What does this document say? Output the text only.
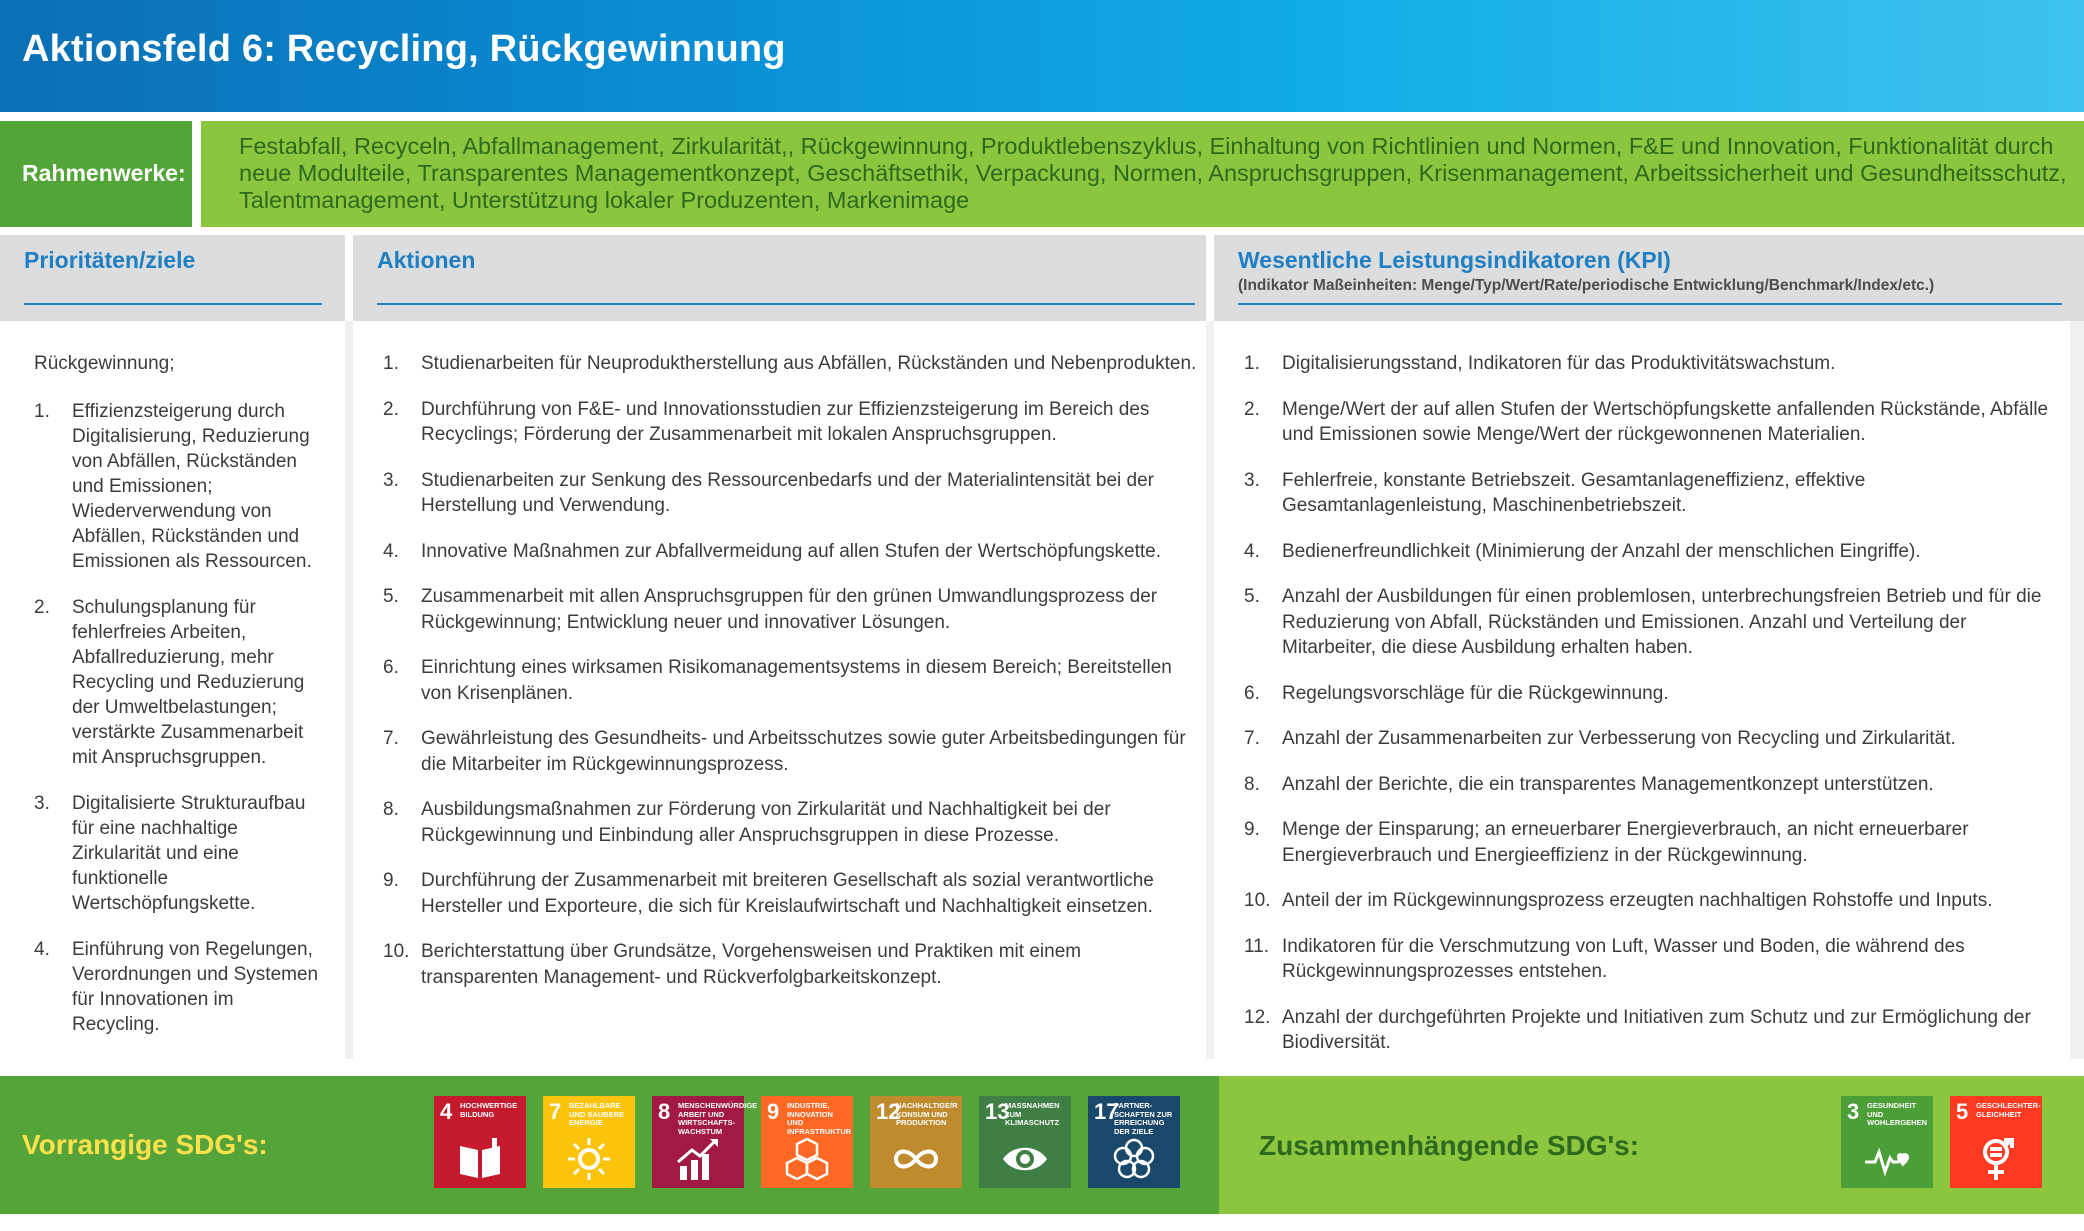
Aktionsfeld 6: Recycling, Rückgewinnung
Rahmenwerke:

Festabfall, Recyceln, Abfallmanagement, Zirkularität,, Rückgewinnung, Produktlebenszyklus, Einhaltung von Richtlinien und Normen, F&E und Innovation, Funktionalität durch neue Modulteile, Transparentes Managementkonzept, Geschäftsethik, Verpackung, Normen, Anspruchsgruppen, Krisenmanagement, Arbeitssicherheit und Gesundheitsschutz, Talentmanagement, Unterstützung lokaler Produzenten, Markenimage

Prioritäten/ziele

Rückgewinnung;

1.	Effizienzsteigerung durch Digitalisierung, Reduzierung von Abfällen, Rückständen und Emissionen; Wiederverwendung von Abfällen, Rückständen und Emissionen als Ressourcen.
2.	Schulungsplanung für fehlerfreies Arbeiten, Abfallreduzierung, mehr Recycling und Reduzierung der Umweltbelastungen; verstärkte Zusammenarbeit mit Anspruchsgruppen.
3.	Digitalisierte Strukturaufbau für eine nachhaltige Zirkularität und eine funktionelle Wertschöpfungskette.
4.	Einführung von Regelungen, Verordnungen und Systemen für Innovationen im Recycling.
Aktionen
1.	Studienarbeiten für Neuproduktherstellung aus Abfällen, Rückständen und Nebenprodukten.
2.	Durchführung von F&E- und Innovationsstudien zur Effizienzsteigerung im Bereich des Recyclings; Förderung der Zusammenarbeit mit lokalen Anspruchsgruppen.
3.	Studienarbeiten zur Senkung des Ressourcenbedarfs und der Materialintensität bei der Herstellung und Verwendung.
4.	Innovative Maßnahmen zur Abfallvermeidung auf allen Stufen der Wertschöpfungskette.
5.	Zusammenarbeit mit allen Anspruchsgruppen für den grünen Umwandlungsprozess der Rückgewinnung; Entwicklung neuer und innovativer Lösungen.
6.	Einrichtung eines wirksamen Risikomanagementsystems in diesem Bereich; Bereitstellen von Krisenplänen.
7.	Gewährleistung des Gesundheits- und Arbeitsschutzes sowie guter Arbeitsbedingungen für die Mitarbeiter im Rückgewinnungsprozess.
8.	Ausbildungsmaßnahmen zur Förderung von Zirkularität und Nachhaltigkeit bei der Rückgewinnung und Einbindung aller Anspruchsgruppen in diese Prozesse.
9.	Durchführung der Zusammenarbeit mit breiteren Gesellschaft als sozial verantwortliche Hersteller und Exporteure, die sich für Kreislaufwirtschaft und Nachhaltigkeit einsetzen.
10. Berichterstattung über Grundsätze, Vorgehensweisen und Praktiken mit einem transparenten Management- und Rückverfolgbarkeitskonzept.
Wesentliche Leistungsindikatoren (KPI)
(Indikator Maßeinheiten: Menge/Typ/Wert/Rate/periodische Entwicklung/Benchmark/Index/etc.)
1.	Digitalisierungsstand, Indikatoren für das Produktivitätswachstum.
2.	Menge/Wert der auf allen Stufen der Wertschöpfungskette anfallenden Rückstände, Abfälle und Emissionen sowie Menge/Wert der rückgewonnenen Materialien.
3.	Fehlerfreie, konstante Betriebszeit. Gesamtanlageneffizienz, effektive Gesamtanlagenleistung, Maschinenbetriebszeit.
4.	Bedienerfreundlichkeit (Minimierung der Anzahl der menschlichen Eingriffe).
5.	Anzahl der Ausbildungen für einen problemlosen, unterbrechungsfreien Betrieb und für die Reduzierung von Abfall, Rückständen und Emissionen. Anzahl und Verteilung der Mitarbeiter, die diese Ausbildung erhalten haben.
6.	Regelungsvorschläge für die Rückgewinnung.
7.	Anzahl der Zusammenarbeiten zur Verbesserung von Recycling und Zirkularität.
8.	Anzahl der Berichte, die ein transparentes Managementkonzept unterstützen.
9.	Menge der Einsparung; an erneuerbarer Energieverbrauch, an nicht erneuerbarer Energieverbrauch und Energieeffizienz in der Rückgewinnung.
10. Anteil der im Rückgewinnungsprozess erzeugten nachhaltigen Rohstoffe und Inputs.
11. Indikatoren für die Verschmutzung von Luft, Wasser und Boden, die während des Rückgewinnungsprozesses entstehen.
12. Anzahl der durchgeführten Projekte und Initiativen zum Schutz und zur Ermöglichung der Biodiversität.
Vorrangige SDG's:
4 HOCHWERTIGE BILDUNG	7 BEZAHLBARE UND SAUBERE ENERGIE	8 MENSCHENWÜRDIGE ARBEIT UND WIRTSCHAFTS-WACHSTUM
9 INDUSTRIE, INNOVATION UND INFRASTRUKTUR
12
NACHHALTIGE/R KONSUM UND PRODUKTION	13
MASSNAHMEN ZUM KLIMASCHUTZ	17
PARTNER-SCHAFTEN ZUR ERREICHUNG DER ZIELE	Zusammenhängende SDG's:
3 GESUNDHEIT UND WOHLERGEHEN 5 GESCHLECHTER-GLEICHHEIT
